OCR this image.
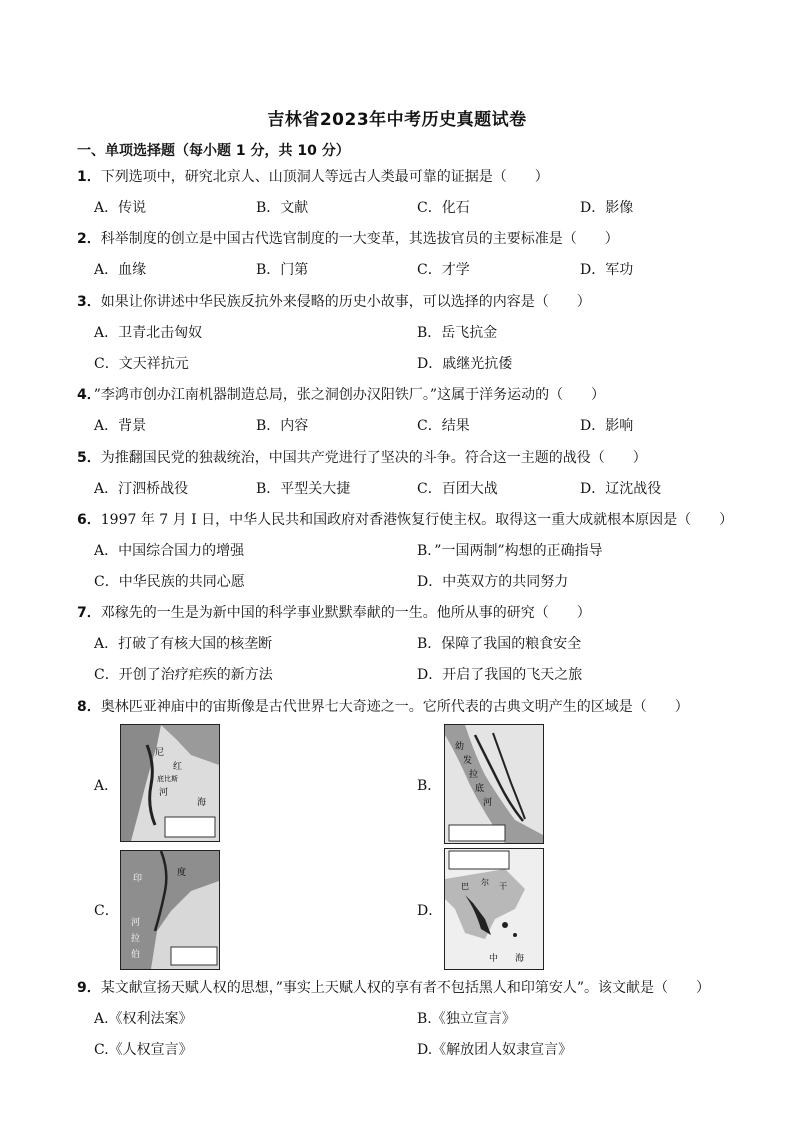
吉林省2023年中考历史真题试卷
一、单项选择题（每小题 1 分，共 10 分）
1．下列选项中，研究北京人、山顶洞人等远古人类最可靠的证据是（　　）
A．传说	B．文献	C．化石	D．影像
2．科举制度的创立是中国古代选官制度的一大变革，其选拔官员的主要标准是（　　）
A．血缘	B．门第	C．才学	D．军功
3．如果让你讲述中华民族反抗外来侵略的历史小故事，可以选择的内容是（　　）
A．卫青北击匈奴	B．岳飞抗金
C．文天祥抗元	D．戚继光抗倭
4．”李鸿市创办江南机器制造总局，张之洞创办汉阳铁厂。”这属于洋务运动的（　　）
A．背景	B．内容	C．结果	D．影响
5．为推翻国民党的独裁统治，中国共产党进行了坚决的斗争。符合这一主题的战役（　　）
A．汀泗桥战役	B．平型关大捷	C．百团大战	D．辽沈战役
6．1997 年 7 月 I 日，中华人民共和国政府对香港恢复行使主权。取得这一重大成就根本原因是（　　）
A．中国综合国力的增强	B．”一国两制”构想的正确指导
C．中华民族的共同心愿	D．中英双方的共同努力
7．邓稼先的一生是为新中国的科学事业默默奉献的一生。他所从事的研究（　　）
A．打破了有核大国的核垄断	B．保障了我国的粮食安全
C．开创了治疗疟疾的新方法	D．开启了我国的飞天之旅
8．奥林匹亚神庙中的宙斯像是古代世界七大奇迹之一。它所代表的古典文明产生的区域是（　　）
A．
尼
红
底比斯
河
海
B．
幼
发
拉
底
河
C．
印
度
河
拉
伯
D．
巴 尔 干
中 海
9．某文献宣扬天赋人权的思想，”事实上天赋人权的享有者不包括黑人和印第安人”。该文献是（　　）
A.《权利法案》	B.《独立宣言》
C.《人权宣言》	D.《解放团人奴隶宣言》
